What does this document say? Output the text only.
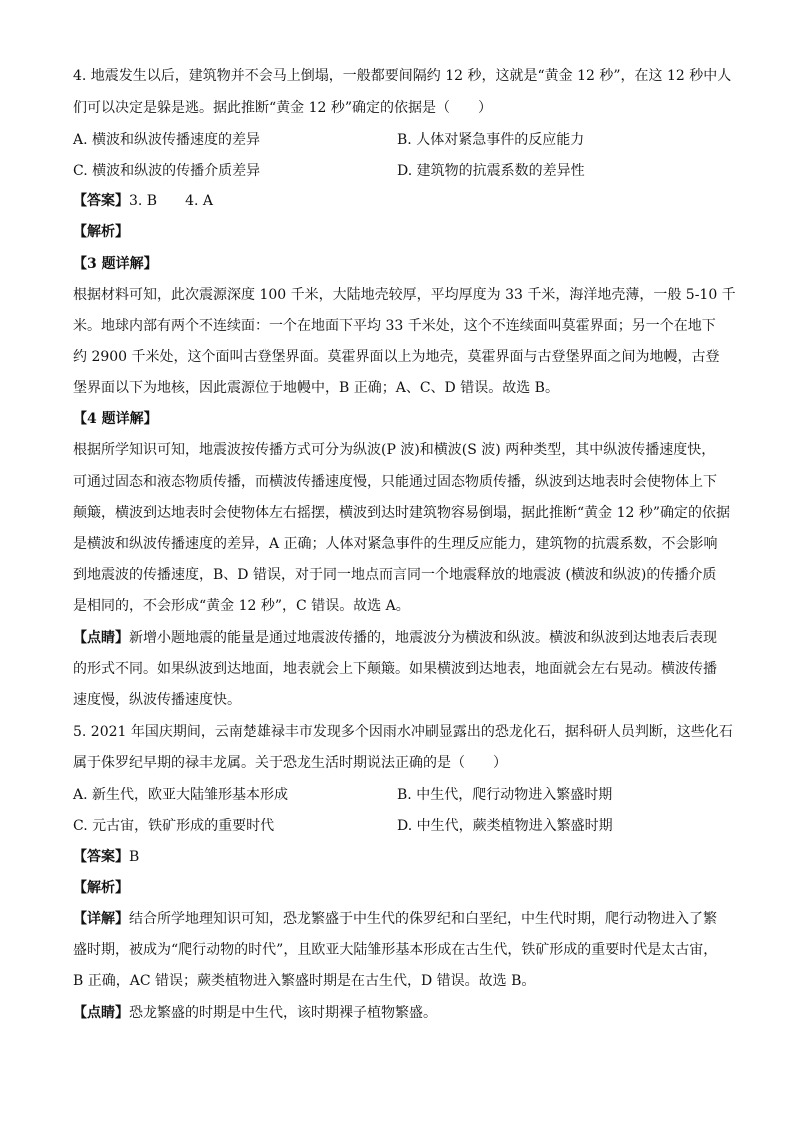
4. 地震发生以后，建筑物并不会马上倒塌，一般都要间隔约 12 秒，这就是“黄金 12 秒”，在这 12 秒中人
们可以决定是躲是逃。据此推断“黄金 12 秒”确定的依据是（　　）
A. 横波和纵波传播速度的差异	B. 人体对紧急事件的反应能力
C. 横波和纵波的传播介质差异	D. 建筑物的抗震系数的差异性
【答案】3. B　　4. A
【解析】
【3 题详解】
根据材料可知，此次震源深度 100 千米，大陆地壳较厚，平均厚度为 33 千米，海洋地壳薄，一般 5-10 千
米。地球内部有两个不连续面：一个在地面下平均 33 千米处，这个不连续面叫莫霍界面；另一个在地下
约 2900 千米处，这个面叫古登堡界面。莫霍界面以上为地壳，莫霍界面与古登堡界面之间为地幔，古登
堡界面以下为地核，因此震源位于地幔中，B 正确；A、C、D 错误。故选 B。
【4 题详解】
根据所学知识可知，地震波按传播方式可分为纵波(P 波)和横波(S 波) 两种类型，其中纵波传播速度快，
可通过固态和液态物质传播，而横波传播速度慢，只能通过固态物质传播，纵波到达地表时会使物体上下
颠簸，横波到达地表时会使物体左右摇摆，横波到达时建筑物容易倒塌，据此推断“黄金 12 秒”确定的依据
是横波和纵波传播速度的差异，A 正确；人体对紧急事件的生理反应能力，建筑物的抗震系数，不会影响
到地震波的传播速度，B、D 错误，对于同一地点而言同一个地震释放的地震波 (横波和纵波)的传播介质
是相同的，不会形成“黄金 12 秒”，C 错误。故选 A。
【点睛】新增小题地震的能量是通过地震波传播的，地震波分为横波和纵波。横波和纵波到达地表后表现
的形式不同。如果纵波到达地面，地表就会上下颠簸。如果横波到达地表，地面就会左右晃动。横波传播
速度慢，纵波传播速度快。
5. 2021 年国庆期间，云南楚雄禄丰市发现多个因雨水冲刷显露出的恐龙化石，据科研人员判断，这些化石
属于侏罗纪早期的禄丰龙属。关于恐龙生活时期说法正确的是（　　）
A. 新生代，欧亚大陆雏形基本形成	B. 中生代，爬行动物进入繁盛时期
C. 元古宙，铁矿形成的重要时代	D. 中生代，蕨类植物进入繁盛时期
【答案】B
【解析】
【详解】结合所学地理知识可知，恐龙繁盛于中生代的侏罗纪和白垩纪，中生代时期，爬行动物进入了繁
盛时期，被成为“爬行动物的时代”，且欧亚大陆雏形基本形成在古生代，铁矿形成的重要时代是太古宙，
B 正确，AC 错误；蕨类植物进入繁盛时期是在古生代，D 错误。故选 B。
【点睛】恐龙繁盛的时期是中生代，该时期裸子植物繁盛。
